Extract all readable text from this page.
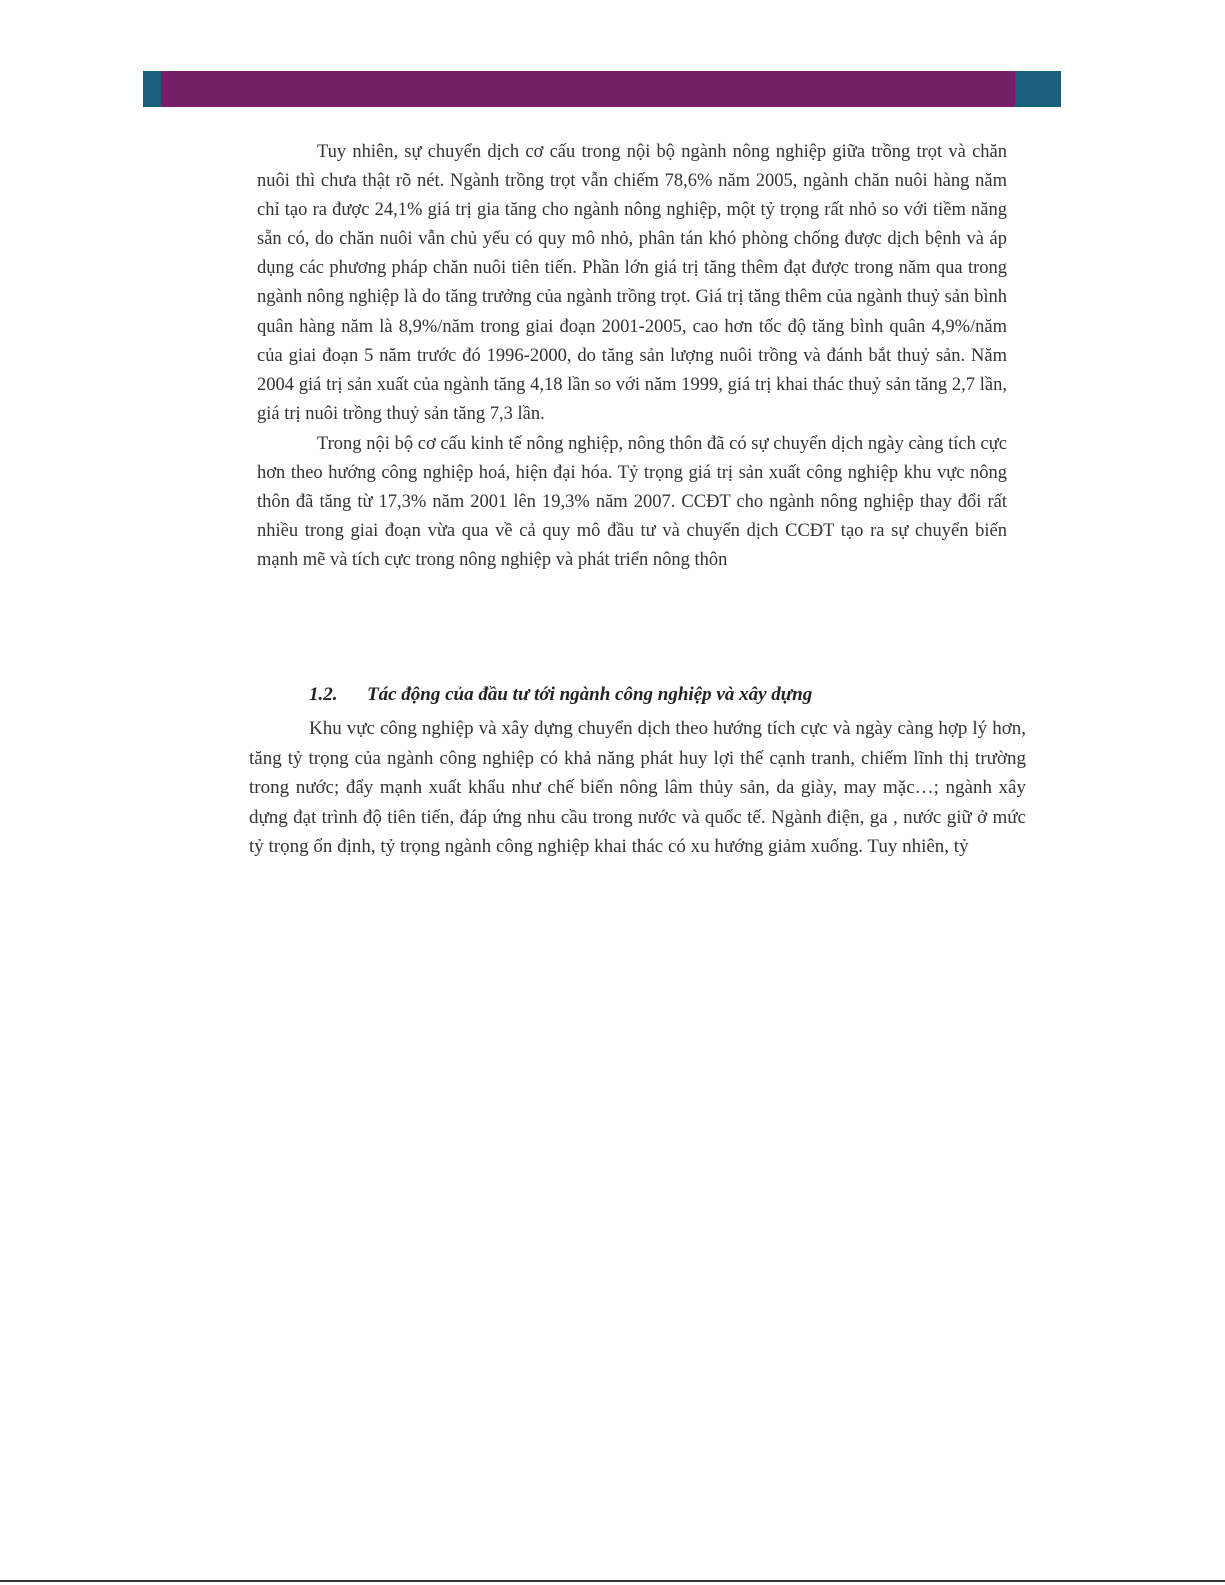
Tuy nhiên, sự chuyển dịch cơ cấu trong nội bộ ngành nông nghiệp giữa trồng trọt và chăn nuôi thì chưa thật rõ nét. Ngành trồng trọt vẫn chiếm 78,6% năm 2005, ngành chăn nuôi hàng năm chỉ tạo ra được 24,1% giá trị gia tăng cho ngành nông nghiệp, một tỷ trọng rất nhỏ so với tiềm năng sẵn có, do chăn nuôi vẫn chủ yếu có quy mô nhỏ, phân tán khó phòng chống được dịch bệnh và áp dụng các phương pháp chăn nuôi tiên tiến. Phần lớn giá trị tăng thêm đạt được trong năm qua trong ngành nông nghiệp là do tăng trưởng của ngành trồng trọt. Giá trị tăng thêm của ngành thuỷ sản bình quân hàng năm là 8,9%/năm trong giai đoạn 2001-2005, cao hơn tốc độ tăng bình quân 4,9%/năm của giai đoạn 5 năm trước đó 1996-2000, do tăng sản lượng nuôi trồng và đánh bắt thuỷ sản. Năm 2004 giá trị sản xuất của ngành tăng 4,18 lần so với năm 1999, giá trị khai thác thuỷ sản tăng 2,7 lần, giá trị nuôi trồng thuỷ sản tăng 7,3 lần.

Trong nội bộ cơ cấu kinh tế nông nghiệp, nông thôn đã có sự chuyển dịch ngày càng tích cực hơn theo hướng công nghiệp hoá, hiện đại hóa. Tỷ trọng giá trị sản xuất công nghiệp khu vực nông thôn đã tăng từ 17,3% năm 2001 lên 19,3% năm 2007. CCĐT cho ngành nông nghiệp thay đổi rất nhiều trong giai đoạn vừa qua về cả quy mô đầu tư và chuyển dịch CCĐT tạo ra sự chuyển biến mạnh mẽ và tích cực trong nông nghiệp và phát triển nông thôn

1.2. Tác động của đầu tư tới ngành công nghiệp và xây dựng

Khu vực công nghiệp và xây dựng chuyển dịch theo hướng tích cực và ngày càng hợp lý hơn, tăng tỷ trọng của ngành công nghiệp có khả năng phát huy lợi thế cạnh tranh, chiếm lĩnh thị trường trong nước; đẩy mạnh xuất khẩu như chế biến nông lâm thủy sản, da giày, may mặc…; ngành xây dựng đạt trình độ tiên tiến, đáp ứng nhu cầu trong nước và quốc tế. Ngành điện, ga , nước giữ ở mức tỷ trọng ổn định, tỷ trọng ngành công nghiệp khai thác có xu hướng giảm xuống. Tuy nhiên, tỷ
